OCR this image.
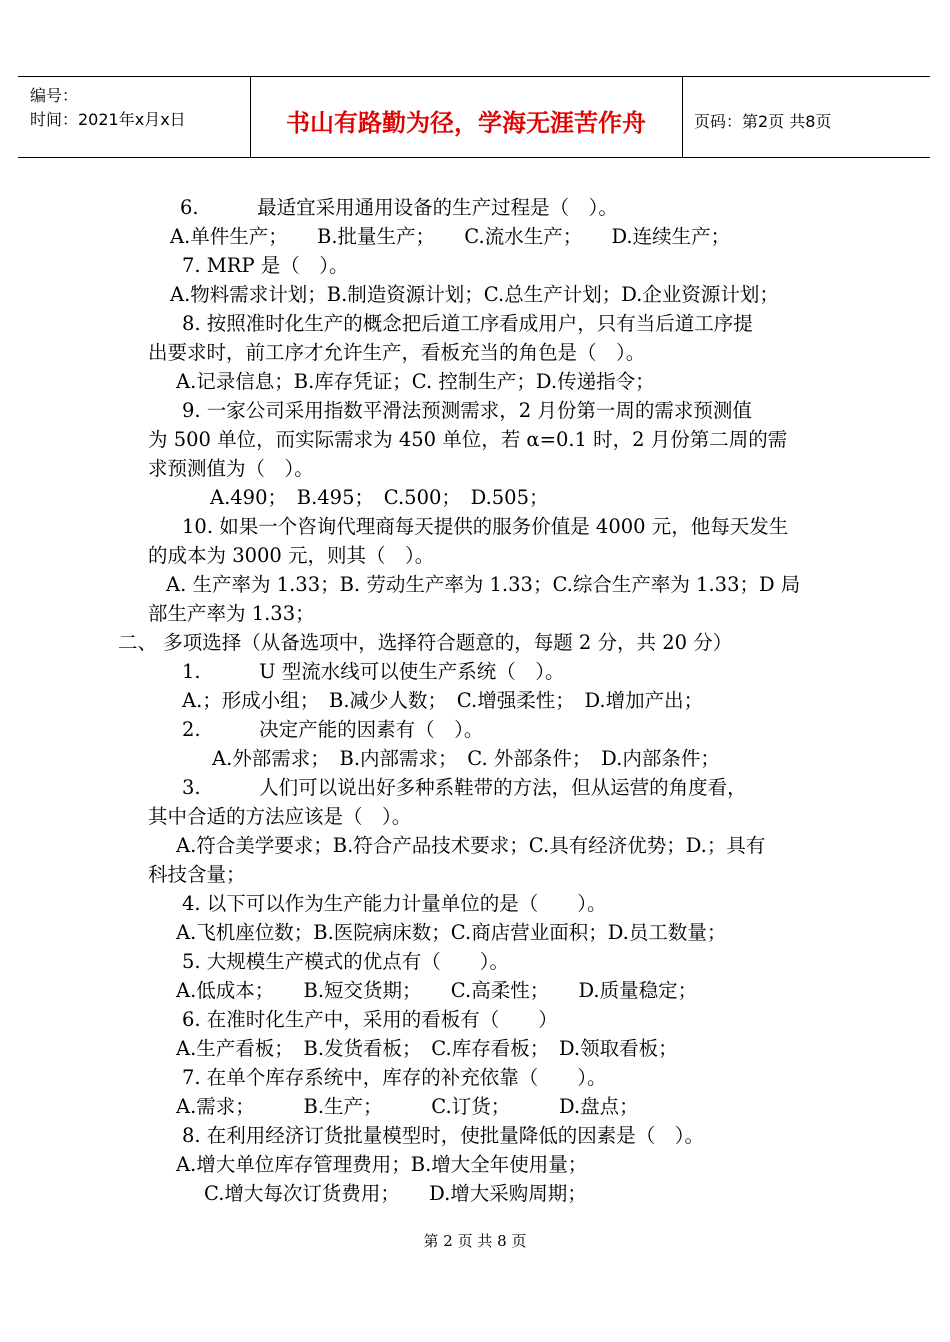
编号：
时间：2021年x月x日	书山有路勤为径，学海无涯苦作舟	页码：第2页 共8页
6.　　　最适宜采用通用设备的生产过程是（　）。
A.单件生产；　　B.批量生产；　　C.流水生产；　　D.连续生产；
7. MRP 是（　）。
A.物料需求计划；B.制造资源计划；C.总生产计划；D.企业资源计划；
8. 按照准时化生产的概念把后道工序看成用户，只有当后道工序提
出要求时，前工序才允许生产，看板充当的角色是（　）。
A.记录信息；B.库存凭证；C. 控制生产；D.传递指令；
9. 一家公司采用指数平滑法预测需求，2 月份第一周的需求预测值
为 500 单位，而实际需求为 450 单位，若 α=0.1 时，2 月份第二周的需
求预测值为（　）。
A.490；　B.495；　C.500；　D.505；
10. 如果一个咨询代理商每天提供的服务价值是 4000 元，他每天发生
的成本为 3000 元，则其（　）。
A. 生产率为 1.33；B. 劳动生产率为 1.33；C.综合生产率为 1.33；D 局
部生产率为 1.33；
二、 多项选择（从备选项中，选择符合题意的，每题 2 分，共 20 分）
1.　　　U 型流水线可以使生产系统（　）。
A.；形成小组；　B.减少人数；　C.增强柔性；　D.增加产出；
2.　　　决定产能的因素有（　）。
A.外部需求；　B.内部需求；　C. 外部条件；　D.内部条件；
3.　　　人们可以说出好多种系鞋带的方法，但从运营的角度看，
其中合适的方法应该是（　）。
A.符合美学要求；B.符合产品技术要求；C.具有经济优势；D.；具有
科技含量；
4. 以下可以作为生产能力计量单位的是（　　）。
A.飞机座位数；B.医院病床数；C.商店营业面积；D.员工数量；
5. 大规模生产模式的优点有（　　）。
A.低成本；　　B.短交货期；　　C.高柔性；　　D.质量稳定；
6. 在准时化生产中，采用的看板有（　　）
A.生产看板；　B.发货看板；　C.库存看板；　D.领取看板；
7. 在单个库存系统中，库存的补充依靠（　　）。
A.需求；　　　B.生产；　　　C.订货；　　　D.盘点；
8. 在利用经济订货批量模型时，使批量降低的因素是（　）。
A.增大单位库存管理费用；B.增大全年使用量；
C.增大每次订货费用；　　D.增大采购周期；
第 2 页 共 8 页
